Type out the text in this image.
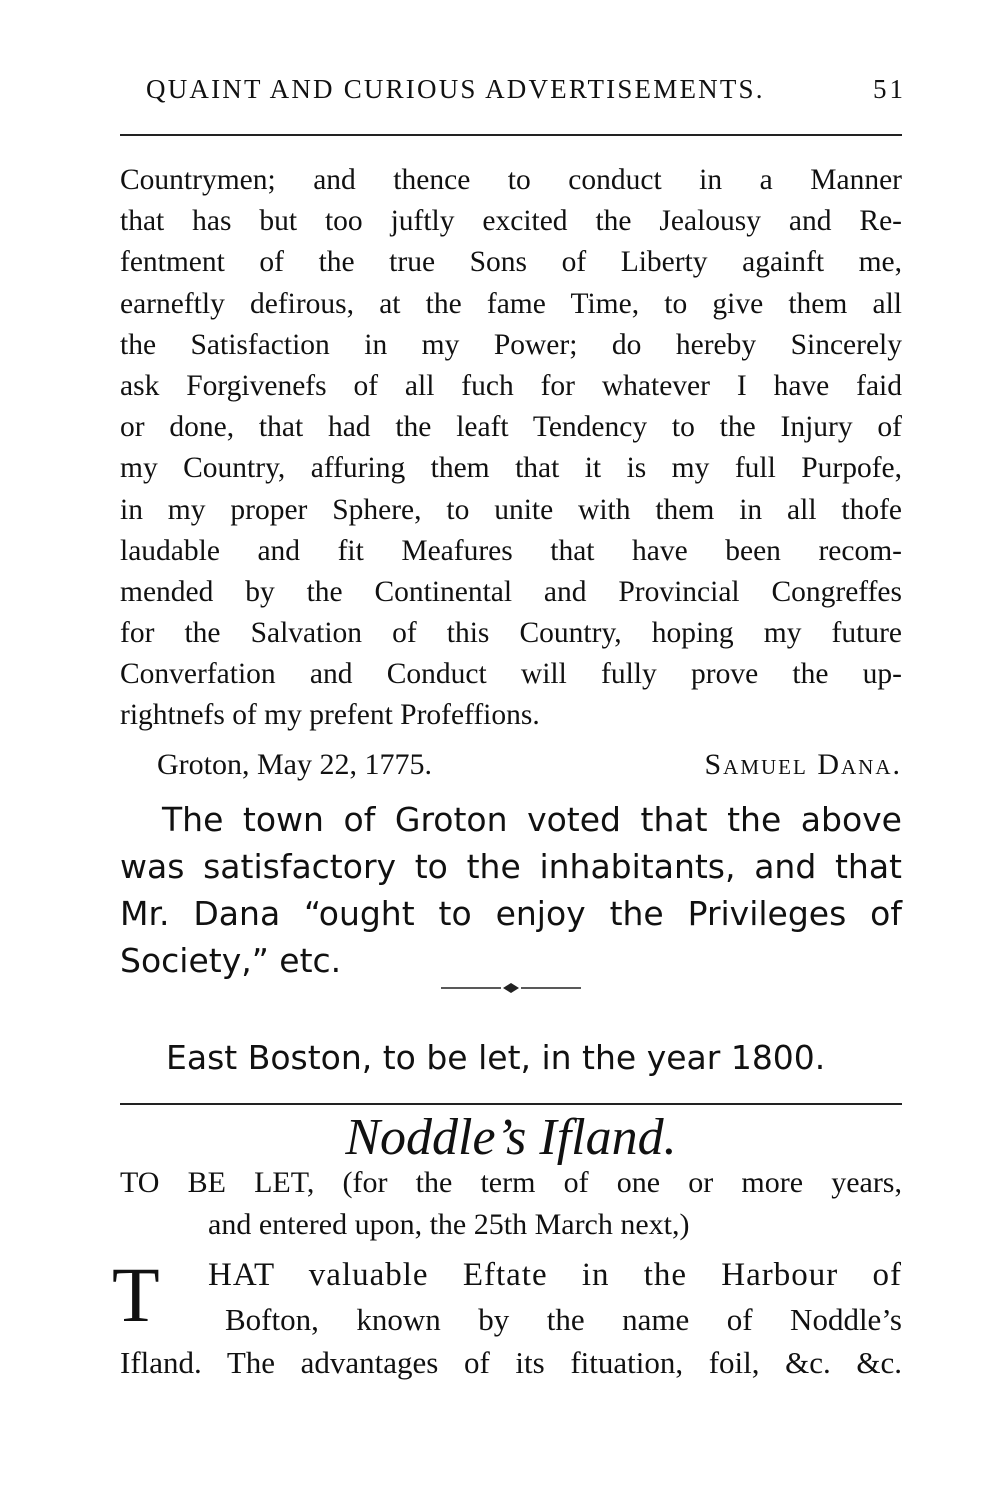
QUAINT AND CURIOUS ADVERTISEMENTS.	51
Countrymen; and thence to conduct in a Manner
that has but too juftly excited the Jealousy and Re-
fentment of the true Sons of Liberty againft me,
earneftly defirous, at the fame Time, to give them all
the Satisfaction in my Power; do hereby Sincerely
ask Forgivenefs of all fuch for whatever I have faid
or done, that had the leaft Tendency to the Injury of
my Country, affuring them that it is my full Purpofe,
in my proper Sphere, to unite with them in all thofe
laudable and fit Meafures that have been recom-
mended by the Continental and Provincial Congreffes
for the Salvation of this Country, hoping my future
Converfation and Conduct will fully prove the up-
rightnefs of my prefent Profeffions.
Groton, May 22, 1775.	Samuel Dana.
The town of Groton voted that the above
was satisfactory to the inhabitants, and that
Mr. Dana “ought to enjoy the Privileges of
Society,” etc.
East Boston, to be let, in the year 1800.
Noddle’s Ifland.
TO BE LET, (for the term of one or more years,
and entered upon, the 25th March next,)
T HAT valuable Eftate in the Harbour of
Bofton, known by the name of Noddle’s
Ifland. The advantages of its fituation, foil, &c. &c.
